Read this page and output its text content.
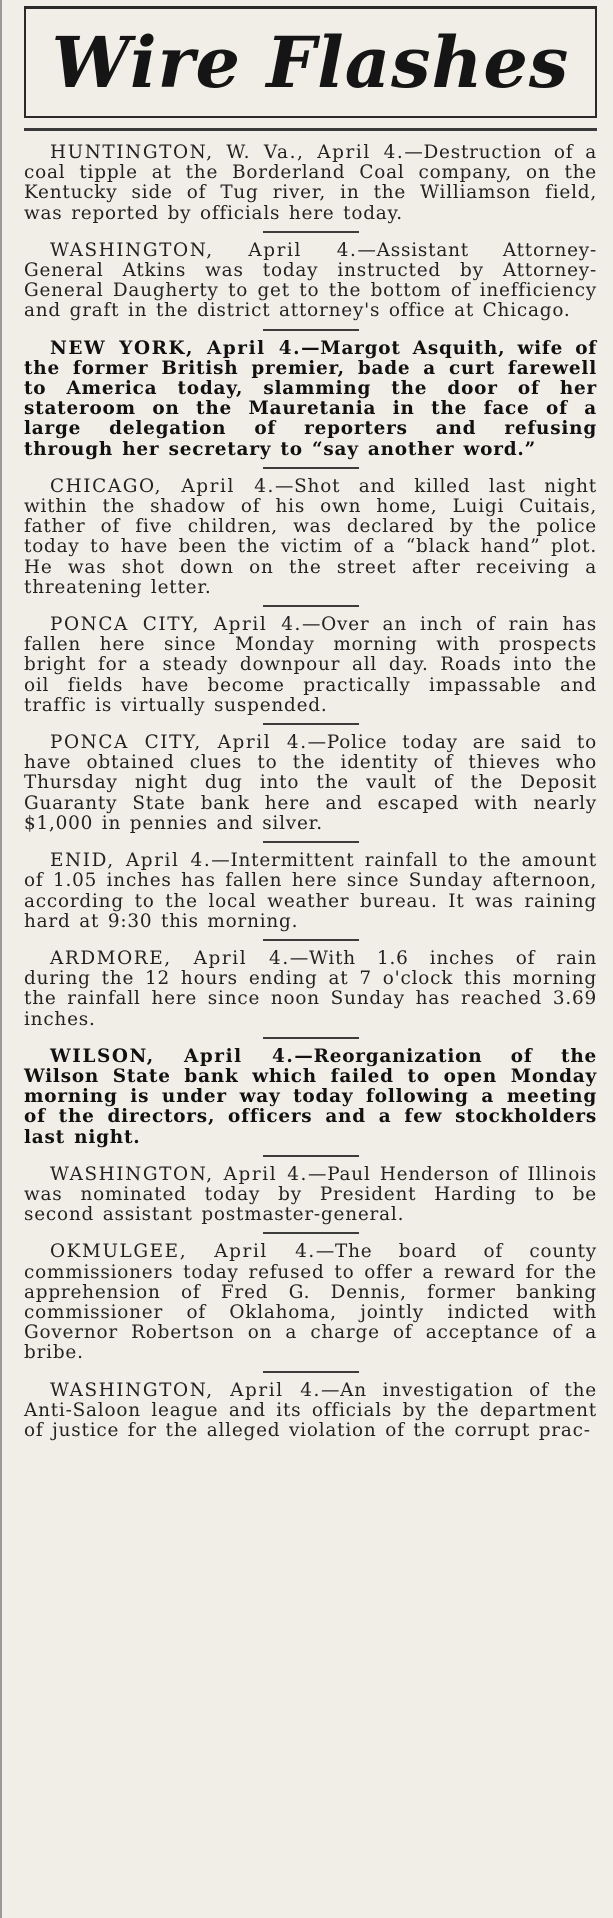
Wire Flashes

HUNTINGTON, W. Va., April 4.—Destruction of a coal tipple at the Borderland Coal company, on the Kentucky side of Tug river, in the Williamson field, was reported by officials here today.

WASHINGTON, April 4.—Assistant Attorney-General Atkins was today instructed by Attorney-General Daugherty to get to the bottom of inefficiency and graft in the district attorney's office at Chicago.

NEW YORK, April 4.—Margot Asquith, wife of the former British premier, bade a curt farewell to America today, slamming the door of her stateroom on the Mauretania in the face of a large delegation of reporters and refusing through her secretary to “say another word.”

CHICAGO, April 4.—Shot and killed last night within the shadow of his own home, Luigi Cuitais, father of five children, was declared by the police today to have been the victim of a “black hand” plot. He was shot down on the street after receiving a threatening letter.

PONCA CITY, April 4.—Over an inch of rain has fallen here since Monday morning with prospects bright for a steady downpour all day. Roads into the oil fields have become practically impassable and traffic is virtually suspended.

PONCA CITY, April 4.—Police today are said to have obtained clues to the identity of thieves who Thursday night dug into the vault of the Deposit Guaranty State bank here and escaped with nearly $1,000 in pennies and silver.

ENID, April 4.—Intermittent rainfall to the amount of 1.05 inches has fallen here since Sunday afternoon, according to the local weather bureau. It was raining hard at 9:30 this morning.

ARDMORE, April 4.—With 1.6 inches of rain during the 12 hours ending at 7 o'clock this morning the rainfall here since noon Sunday has reached 3.69 inches.

WILSON, April 4.—Reorganization of the Wilson State bank which failed to open Monday morning is under way today following a meeting of the directors, officers and a few stockholders last night.

WASHINGTON, April 4.—Paul Henderson of Illinois was nominated today by President Harding to be second assistant postmaster-general.

OKMULGEE, April 4.—The board of county commissioners today refused to offer a reward for the apprehension of Fred G. Dennis, former banking commissioner of Oklahoma, jointly indicted with Governor Robertson on a charge of acceptance of a bribe.

WASHINGTON, April 4.—An investigation of the Anti-Saloon league and its officials by the department of justice for the alleged violation of the corrupt prac-
